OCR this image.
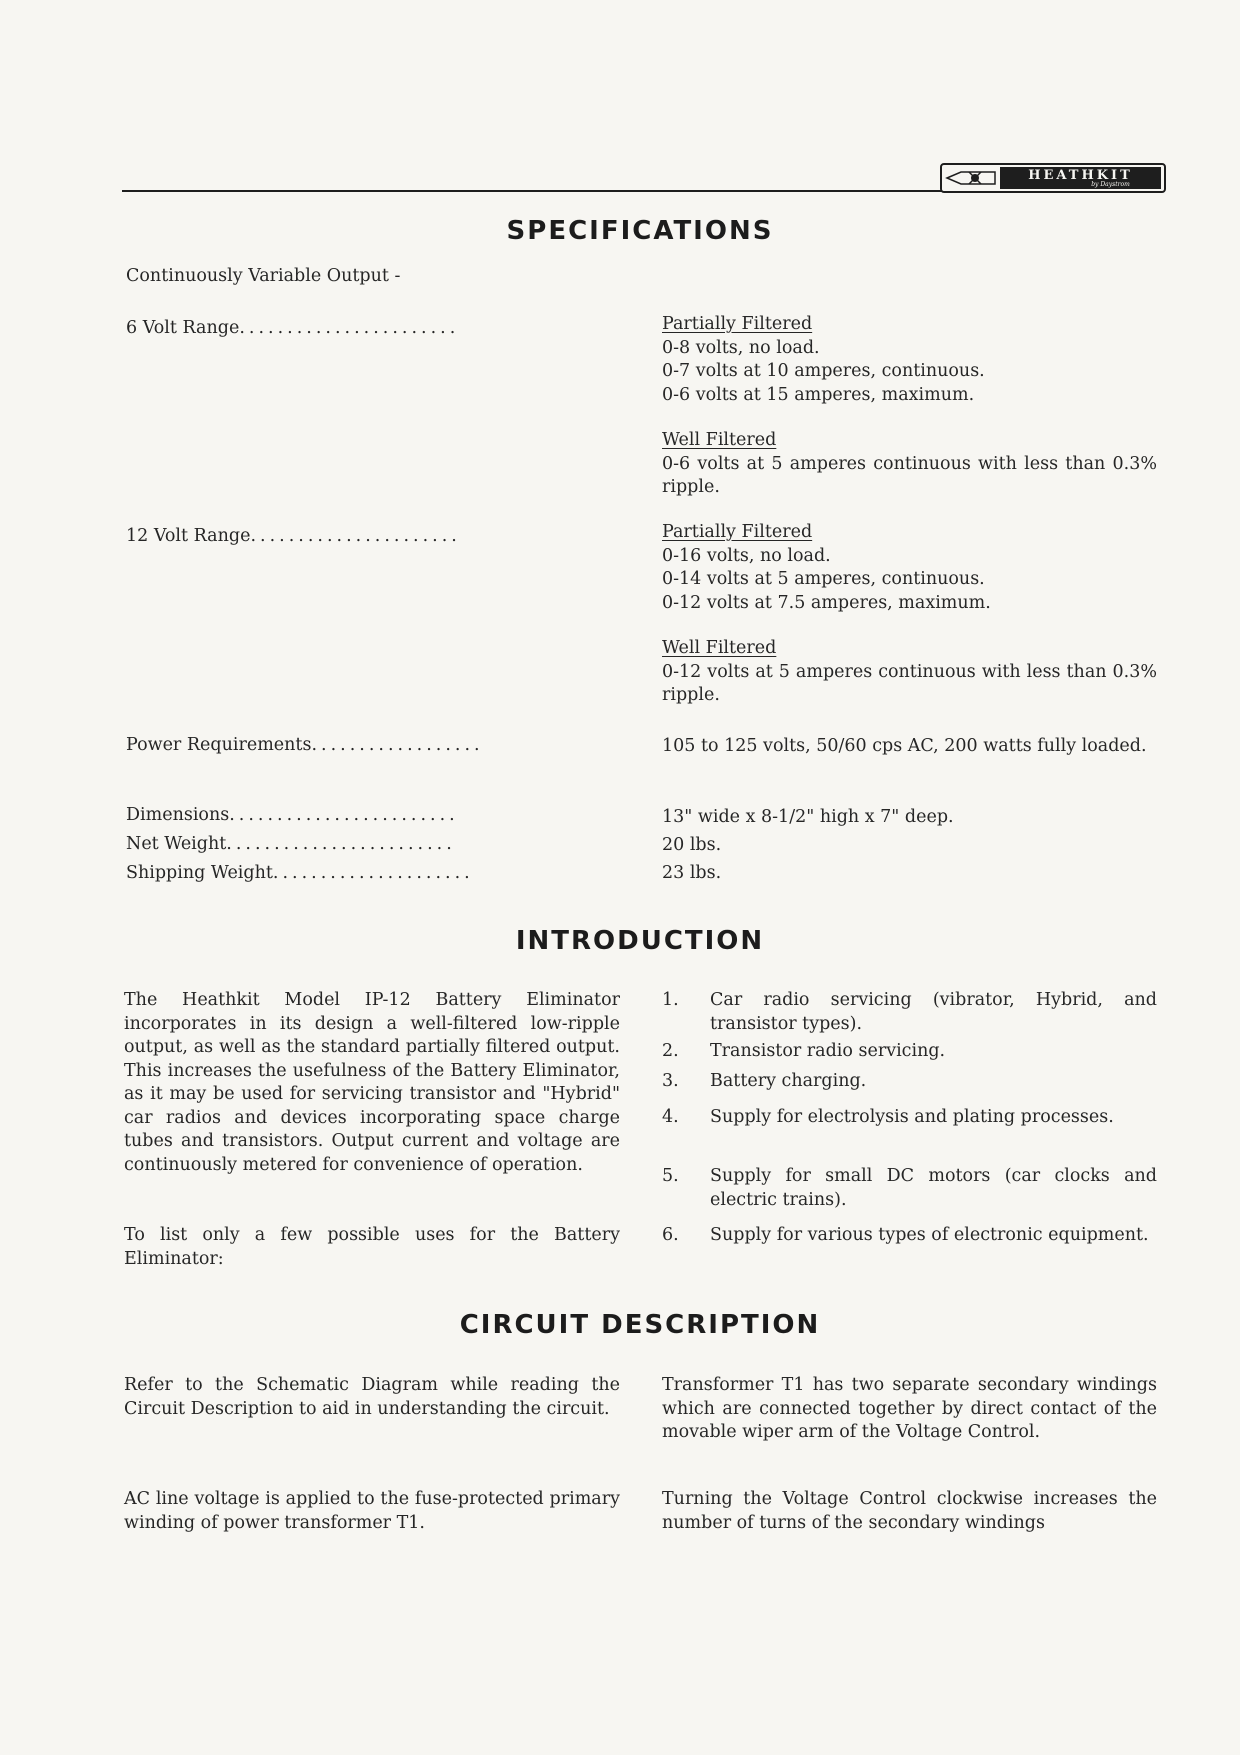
HEATHKIT
by Daystrom
SPECIFICATIONS
Continuously Variable Output -
6 Volt Range.......................	Partially Filtered
0-8 volts, no load.
0-7 volts at 10 amperes, continuous.
0-6 volts at 15 amperes, maximum.
Well Filtered
0-6 volts at 5 amperes continuous with less than 0.3% ripple.
12 Volt Range......................	Partially Filtered
0-16 volts, no load.
0-14 volts at 5 amperes, continuous.
0-12 volts at 7.5 amperes, maximum.
Well Filtered
0-12 volts at 5 amperes continuous with less than 0.3% ripple.
Power Requirements..................	105 to 125 volts, 50/60 cps AC, 200 watts fully loaded.
Dimensions........................	13" wide x 8-1/2" high x 7" deep.
Net Weight........................	20 lbs.
Shipping Weight.....................	23 lbs.
INTRODUCTION
The Heathkit Model IP-12 Battery Eliminator incorporates in its design a well-filtered low-ripple output, as well as the standard partially filtered output. This increases the usefulness of the Battery Eliminator, as it may be used for servicing transistor and "Hybrid" car radios and devices incorporating space charge tubes and transistors. Output current and voltage are continuously metered for convenience of operation.
To list only a few possible uses for the Battery Eliminator:
1. Car radio servicing (vibrator, Hybrid, and transistor types).
2. Transistor radio servicing.
3. Battery charging.
4. Supply for electrolysis and plating processes.
5. Supply for small DC motors (car clocks and electric trains).
6. Supply for various types of electronic equipment.
CIRCUIT DESCRIPTION
Refer to the Schematic Diagram while reading the Circuit Description to aid in understanding the circuit.
AC line voltage is applied to the fuse-protected primary winding of power transformer T1.
Transformer T1 has two separate secondary windings which are connected together by direct contact of the movable wiper arm of the Voltage Control.
Turning the Voltage Control clockwise increases the number of turns of the secondary windings
